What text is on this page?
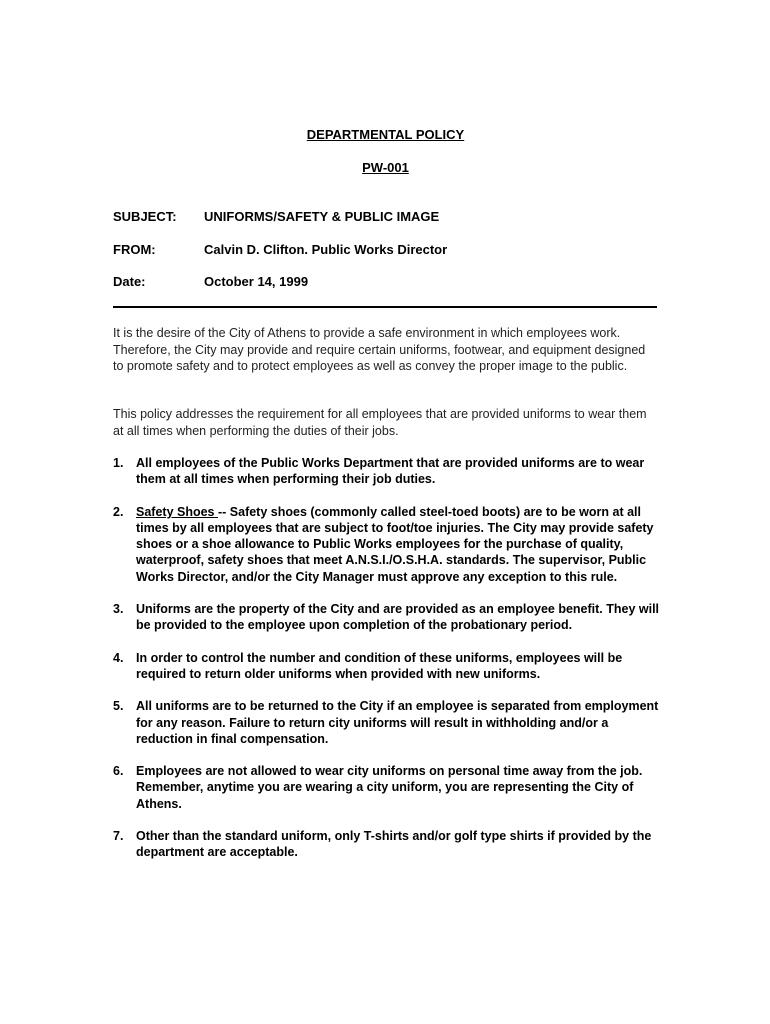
DEPARTMENTAL POLICY
PW-001
SUBJECT: UNIFORMS/SAFETY & PUBLIC IMAGE
FROM:	Calvin D. Clifton. Public Works Director
Date:	October 14, 1999
It is the desire of the City of Athens to provide a safe environment in which employees work. Therefore, the City may provide and require certain uniforms, footwear, and equipment designed to promote safety and to protect employees as well as convey the proper image to the public.
This policy addresses the requirement for all employees that are provided uniforms to wear them at all times when performing the duties of their jobs.
1. All employees of the Public Works Department that are provided uniforms are to wear them at all times when performing their job duties.
2. Safety Shoes -- Safety shoes (commonly called steel-toed boots) are to be worn at all times by all employees that are subject to foot/toe injuries. The City may provide safety shoes or a shoe allowance to Public Works employees for the purchase of quality, waterproof, safety shoes that meet A.N.S.I./O.S.H.A. standards. The supervisor, Public Works Director, and/or the City Manager must approve any exception to this rule.
3. Uniforms are the property of the City and are provided as an employee benefit. They will be provided to the employee upon completion of the probationary period.
4. In order to control the number and condition of these uniforms, employees will be required to return older uniforms when provided with new uniforms.
5. All uniforms are to be returned to the City if an employee is separated from employment for any reason. Failure to return city uniforms will result in withholding and/or a reduction in final compensation.
6. Employees are not allowed to wear city uniforms on personal time away from the job. Remember, anytime you are wearing a city uniform, you are representing the City of Athens.
7. Other than the standard uniform, only T-shirts and/or golf type shirts if provided by the department are acceptable.
